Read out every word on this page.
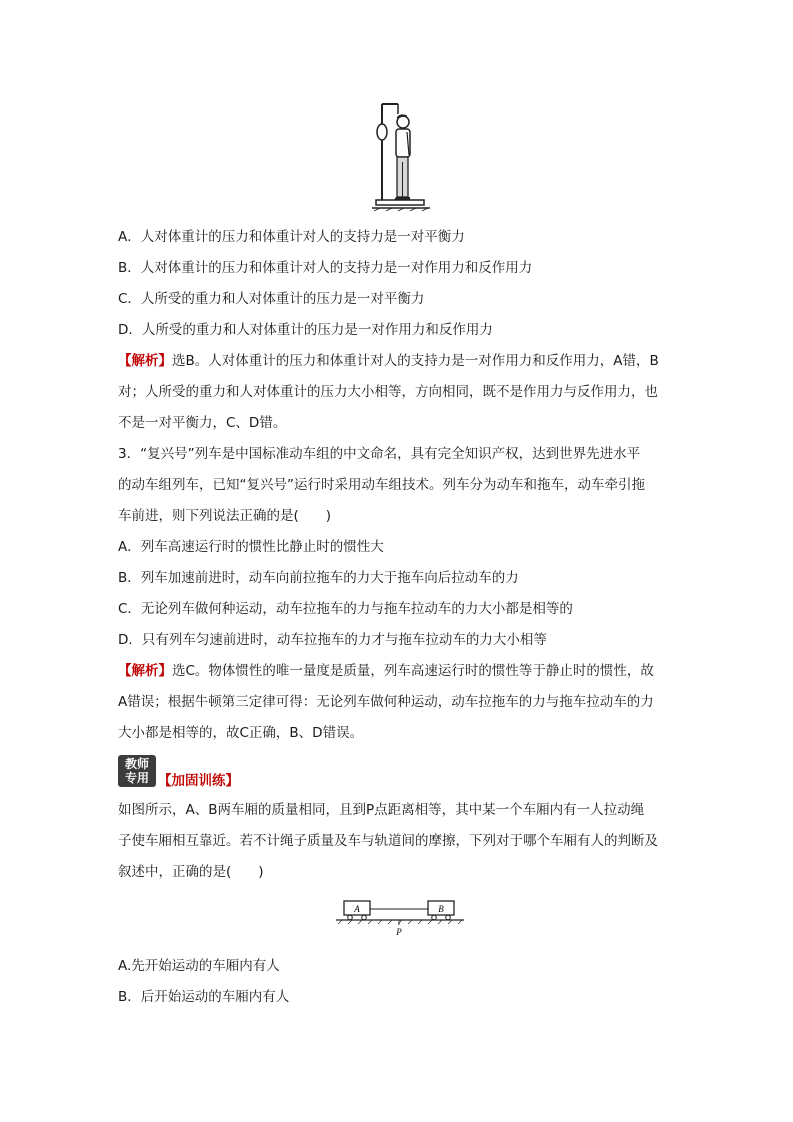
A．人对体重计的压力和体重计对人的支持力是一对平衡力
B．人对体重计的压力和体重计对人的支持力是一对作用力和反作用力
C．人所受的重力和人对体重计的压力是一对平衡力
D．人所受的重力和人对体重计的压力是一对作用力和反作用力
【解析】选B。人对体重计的压力和体重计对人的支持力是一对作用力和反作用力，A错，B
对；人所受的重力和人对体重计的压力大小相等，方向相同，既不是作用力与反作用力，也
不是一对平衡力，C、D错。
3．“复兴号”列车是中国标准动车组的中文命名，具有完全知识产权，达到世界先进水平
的动车组列车，已知“复兴号”运行时采用动车组技术。列车分为动车和拖车，动车牵引拖
车前进，则下列说法正确的是(　　)
A．列车高速运行时的惯性比静止时的惯性大
B．列车加速前进时，动车向前拉拖车的力大于拖车向后拉动车的力
C．无论列车做何种运动，动车拉拖车的力与拖车拉动车的力大小都是相等的
D．只有列车匀速前进时，动车拉拖车的力才与拖车拉动车的力大小相等
【解析】选C。物体惯性的唯一量度是质量，列车高速运行时的惯性等于静止时的惯性，故
A错误；根据牛顿第三定律可得：无论列车做何种运动，动车拉拖车的力与拖车拉动车的力
大小都是相等的，故C正确，B、D错误。
教师
专用 【加固训练】
如图所示，A、B两车厢的质量相同，且到P点距离相等，其中某一个车厢内有一人拉动绳
子使车厢相互靠近。若不计绳子质量及车与轨道间的摩擦，下列对于哪个车厢有人的判断及
叙述中，正确的是(　　)
A	B
P
A.先开始运动的车厢内有人
B．后开始运动的车厢内有人
